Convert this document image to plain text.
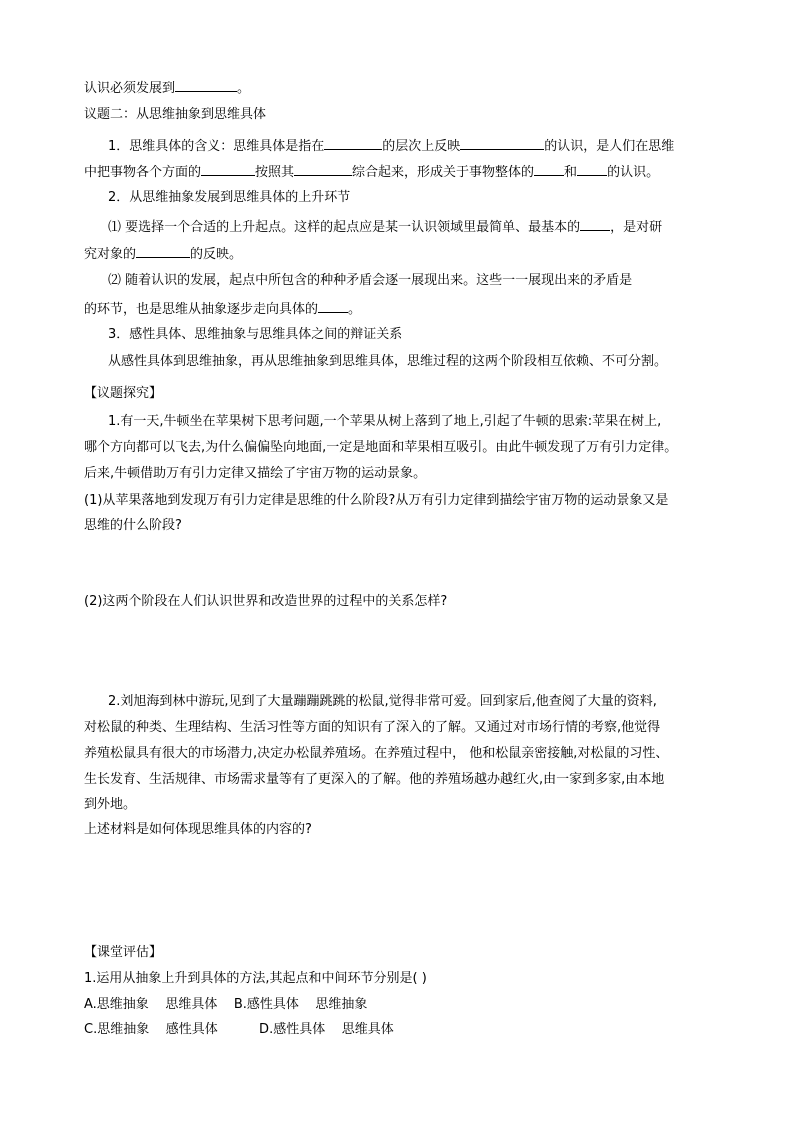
认识必须发展到	。
议题二：从思维抽象到思维具体
1．思维具体的含义：思维具体是指在	的层次上反映	的认识，是人们在思维
中把事物各个方面的	按照其	综合起来，形成关于事物整体的 和 的认识。
2．从思维抽象发展到思维具体的上升环节
⑴ 要选择一个合适的上升起点。这样的起点应是某一认识领域里最简单、最基本的 ，是对研
究对象的	的反映。
⑵ 随着认识的发展，起点中所包含的种种矛盾会逐一展现出来。这些一一展现出来的矛盾是
的环节，也是思维从抽象逐步走向具体的 。
3．感性具体、思维抽象与思维具体之间的辩证关系
从感性具体到思维抽象，再从思维抽象到思维具体，思维过程的这两个阶段相互依赖、不可分割。
【议题探究】
1.有一天,牛顿坐在苹果树下思考问题,一个苹果从树上落到了地上,引起了牛顿的思索:苹果在树上,
哪个方向都可以飞去,为什么偏偏坠向地面,一定是地面和苹果相互吸引。由此牛顿发现了万有引力定律。
后来,牛顿借助万有引力定律又描绘了宇宙万物的运动景象。
(1)从苹果落地到发现万有引力定律是思维的什么阶段?从万有引力定律到描绘宇宙万物的运动景象又是
思维的什么阶段?
(2)这两个阶段在人们认识世界和改造世界的过程中的关系怎样?
2.刘旭海到林中游玩,见到了大量蹦蹦跳跳的松鼠,觉得非常可爱。回到家后,他查阅了大量的资料,
对松鼠的种类、生理结构、生活习性等方面的知识有了深入的了解。又通过对市场行情的考察,他觉得
养殖松鼠具有很大的市场潜力,决定办松鼠养殖场。在养殖过程中， 他和松鼠亲密接触,对松鼠的习性、
生长发育、生活规律、市场需求量等有了更深入的了解。他的养殖场越办越红火,由一家到多家,由本地
到外地。
上述材料是如何体现思维具体的内容的?
【课堂评估】
1.运用从抽象上升到具体的方法,其起点和中间环节分别是( )
A.思维抽象    思维具体    B.感性具体    思维抽象
C.思维抽象    感性具体          D.感性具体    思维具体
